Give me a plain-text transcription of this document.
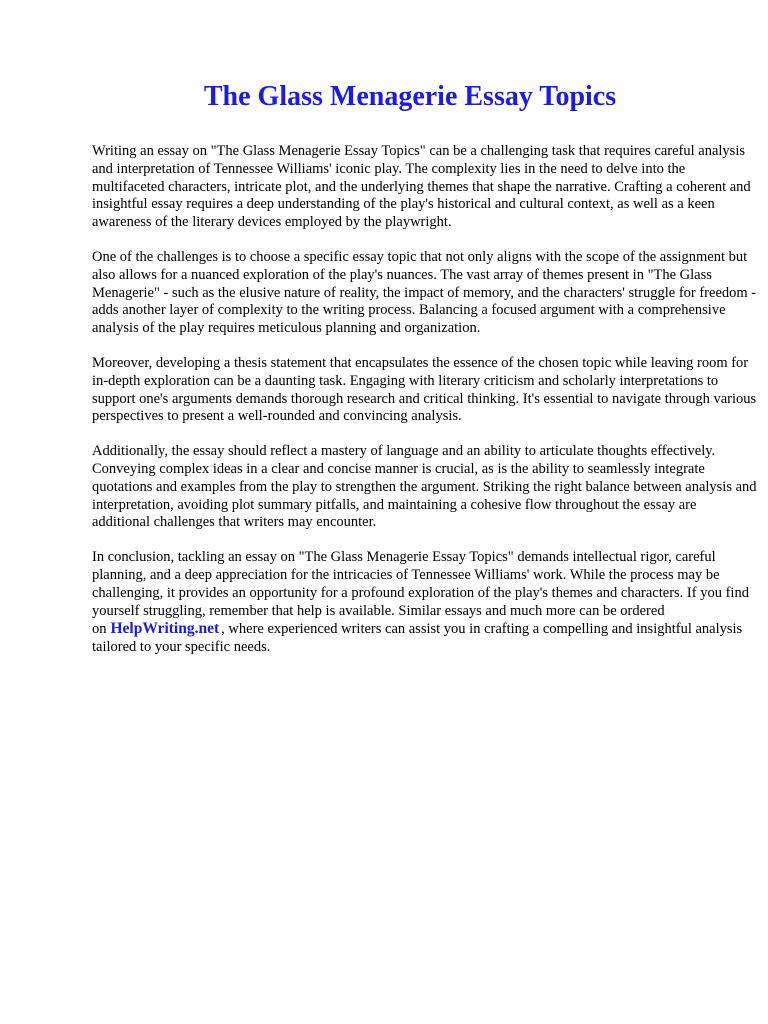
The Glass Menagerie Essay Topics

Writing an essay on "The Glass Menagerie Essay Topics" can be a challenging task that requires careful analysis and interpretation of Tennessee Williams' iconic play. The complexity lies in the need to delve into the multifaceted characters, intricate plot, and the underlying themes that shape the narrative. Crafting a coherent and insightful essay requires a deep understanding of the play's historical and cultural context, as well as a keen awareness of the literary devices employed by the playwright.

One of the challenges is to choose a specific essay topic that not only aligns with the scope of the assignment but also allows for a nuanced exploration of the play's nuances. The vast array of themes present in "The Glass Menagerie" - such as the elusive nature of reality, the impact of memory, and the characters' struggle for freedom - adds another layer of complexity to the writing process. Balancing a focused argument with a comprehensive analysis of the play requires meticulous planning and organization.

Moreover, developing a thesis statement that encapsulates the essence of the chosen topic while leaving room for in-depth exploration can be a daunting task. Engaging with literary criticism and scholarly interpretations to support one's arguments demands thorough research and critical thinking. It's essential to navigate through various perspectives to present a well-rounded and convincing analysis.

Additionally, the essay should reflect a mastery of language and an ability to articulate thoughts effectively. Conveying complex ideas in a clear and concise manner is crucial, as is the ability to seamlessly integrate quotations and examples from the play to strengthen the argument. Striking the right balance between analysis and interpretation, avoiding plot summary pitfalls, and maintaining a cohesive flow throughout the essay are additional challenges that writers may encounter.

In conclusion, tackling an essay on "The Glass Menagerie Essay Topics" demands intellectual rigor, careful planning, and a deep appreciation for the intricacies of Tennessee Williams' work. While the process may be challenging, it provides an opportunity for a profound exploration of the play's themes and characters. If you find yourself struggling, remember that help is available. Similar essays and much more can be ordered on HelpWriting.net , where experienced writers can assist you in crafting a compelling and insightful analysis tailored to your specific needs.
